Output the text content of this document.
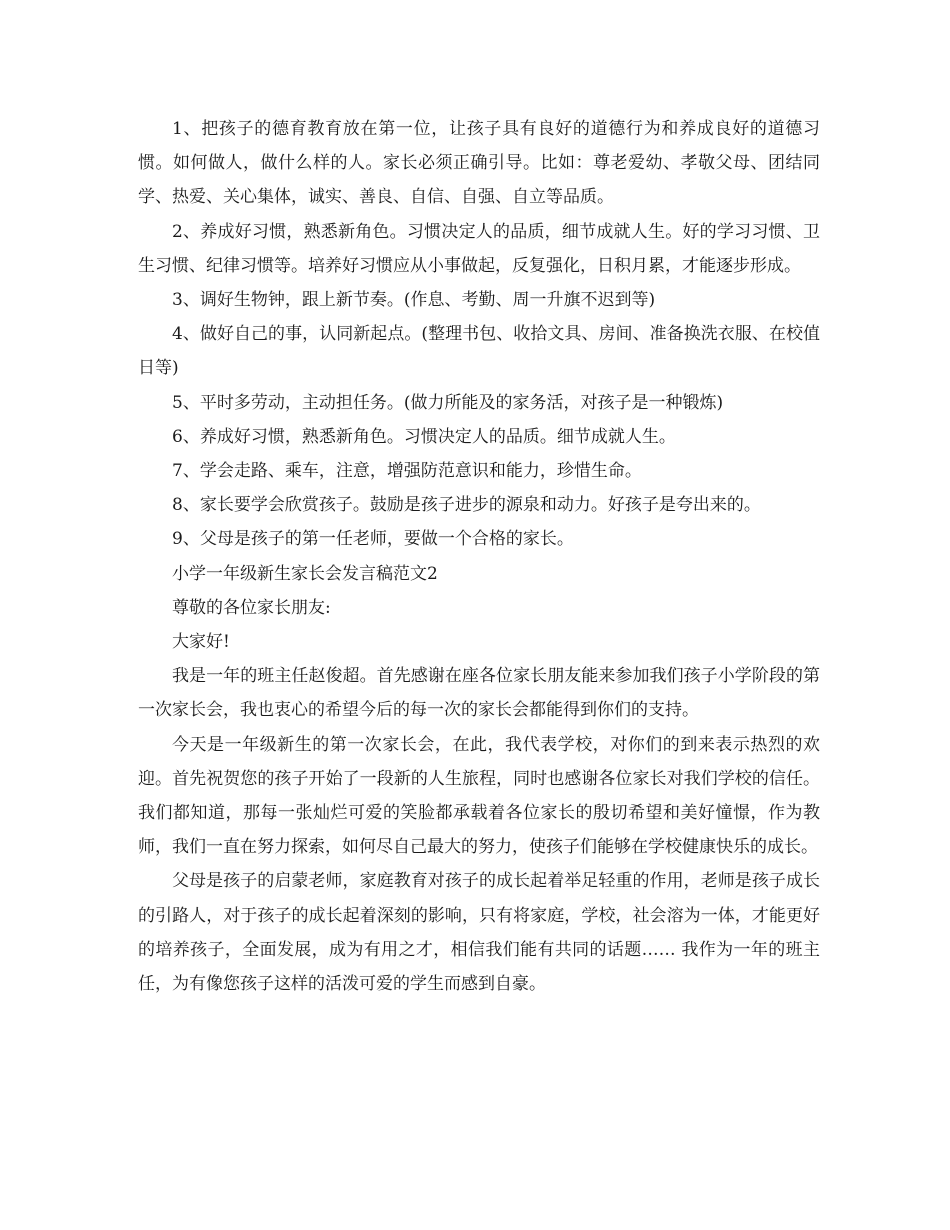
1、把孩子的德育教育放在第一位，让孩子具有良好的道德行为和养成良好的道德习惯。如何做人，做什么样的人。家长必须正确引导。比如：尊老爱幼、孝敬父母、团结同学、热爱、关心集体，诚实、善良、自信、自强、自立等品质。

2、养成好习惯，熟悉新角色。习惯决定人的品质，细节成就人生。好的学习习惯、卫生习惯、纪律习惯等。培养好习惯应从小事做起，反复强化，日积月累，才能逐步形成。

3、调好生物钟，跟上新节奏。(作息、考勤、周一升旗不迟到等)

4、做好自己的事，认同新起点。(整理书包、收拾文具、房间、准备换洗衣服、在校值日等)

5、平时多劳动，主动担任务。(做力所能及的家务活，对孩子是一种锻炼)

6、养成好习惯，熟悉新角色。习惯决定人的品质。细节成就人生。

7、学会走路、乘车，注意，增强防范意识和能力，珍惜生命。

8、家长要学会欣赏孩子。鼓励是孩子进步的源泉和动力。好孩子是夸出来的。

9、父母是孩子的第一任老师，要做一个合格的家长。

小学一年级新生家长会发言稿范文2

尊敬的各位家长朋友:

大家好!

我是一年的班主任赵俊超。首先感谢在座各位家长朋友能来参加我们孩子小学阶段的第一次家长会，我也衷心的希望今后的每一次的家长会都能得到你们的支持。

今天是一年级新生的第一次家长会，在此，我代表学校，对你们的到来表示热烈的欢迎。首先祝贺您的孩子开始了一段新的人生旅程，同时也感谢各位家长对我们学校的信任。我们都知道，那每一张灿烂可爱的笑脸都承载着各位家长的殷切希望和美好憧憬，作为教师，我们一直在努力探索，如何尽自己最大的努力，使孩子们能够在学校健康快乐的成长。

父母是孩子的启蒙老师，家庭教育对孩子的成长起着举足轻重的作用，老师是孩子成长的引路人，对于孩子的成长起着深刻的影响，只有将家庭，学校，社会溶为一体，才能更好的培养孩子，全面发展，成为有用之才，相信我们能有共同的话题…… 我作为一年的班主任，为有像您孩子这样的活泼可爱的学生而感到自豪。
